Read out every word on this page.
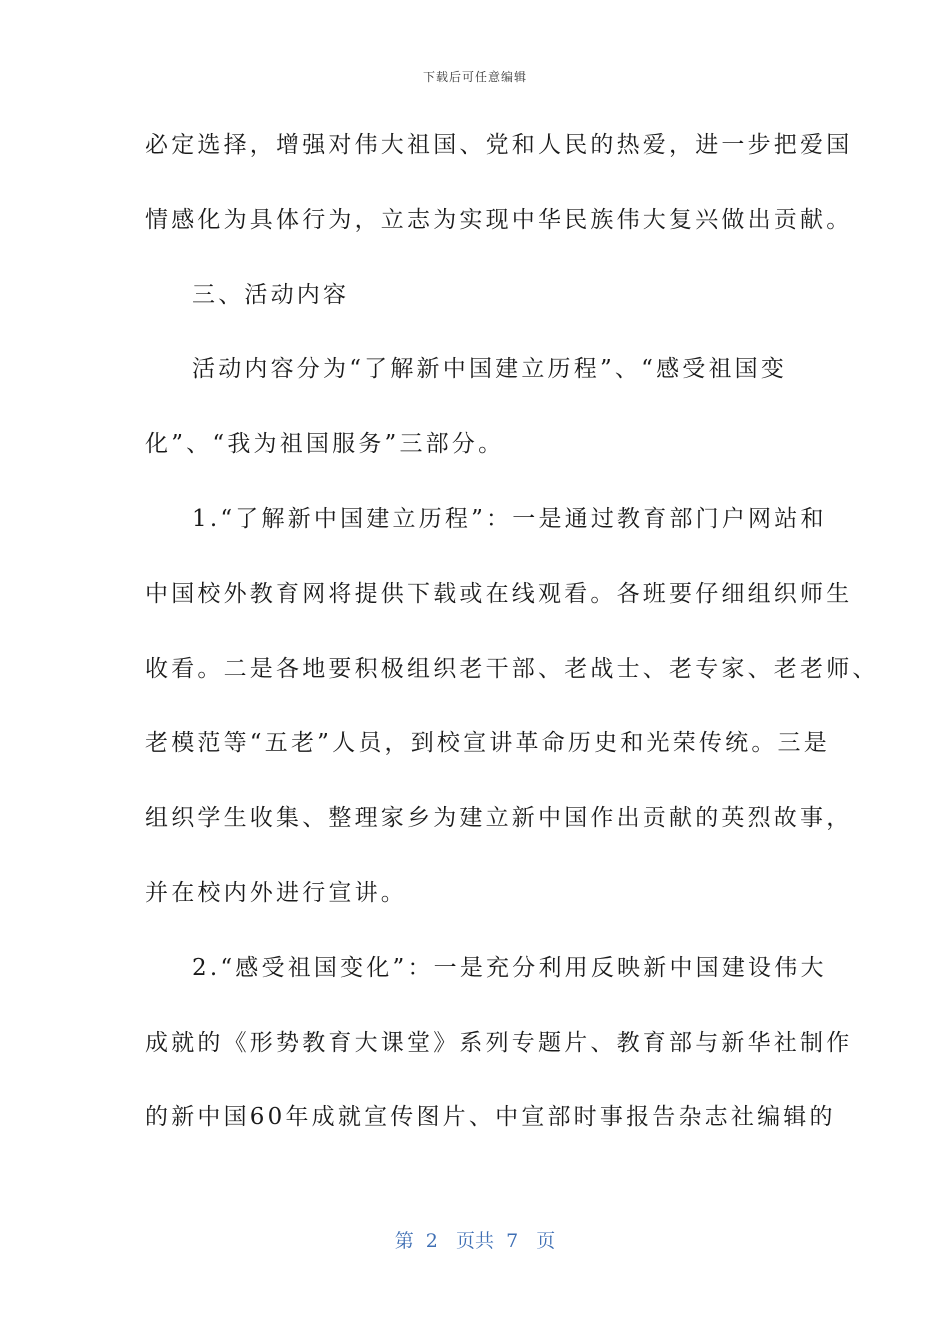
下载后可任意编辑
必定选择，增强对伟大祖国、党和人民的热爱，进一步把爱国
情感化为具体行为，立志为实现中华民族伟大复兴做出贡献。
三、活动内容
活动内容分为“了解新中国建立历程”、“感受祖国变
化”、“我为祖国服务”三部分。
1.“了解新中国建立历程”：一是通过教育部门户网站和
中国校外教育网将提供下载或在线观看。各班要仔细组织师生
收看。二是各地要积极组织老干部、老战士、老专家、老老师、
老模范等“五老”人员，到校宣讲革命历史和光荣传统。三是
组织学生收集、整理家乡为建立新中国作出贡献的英烈故事，
并在校内外进行宣讲。
2.“感受祖国变化”：一是充分利用反映新中国建设伟大
成就的《形势教育大课堂》系列专题片、教育部与新华社制作
的新中国60年成就宣传图片、中宣部时事报告杂志社编辑的
第  2   页共  7   页
